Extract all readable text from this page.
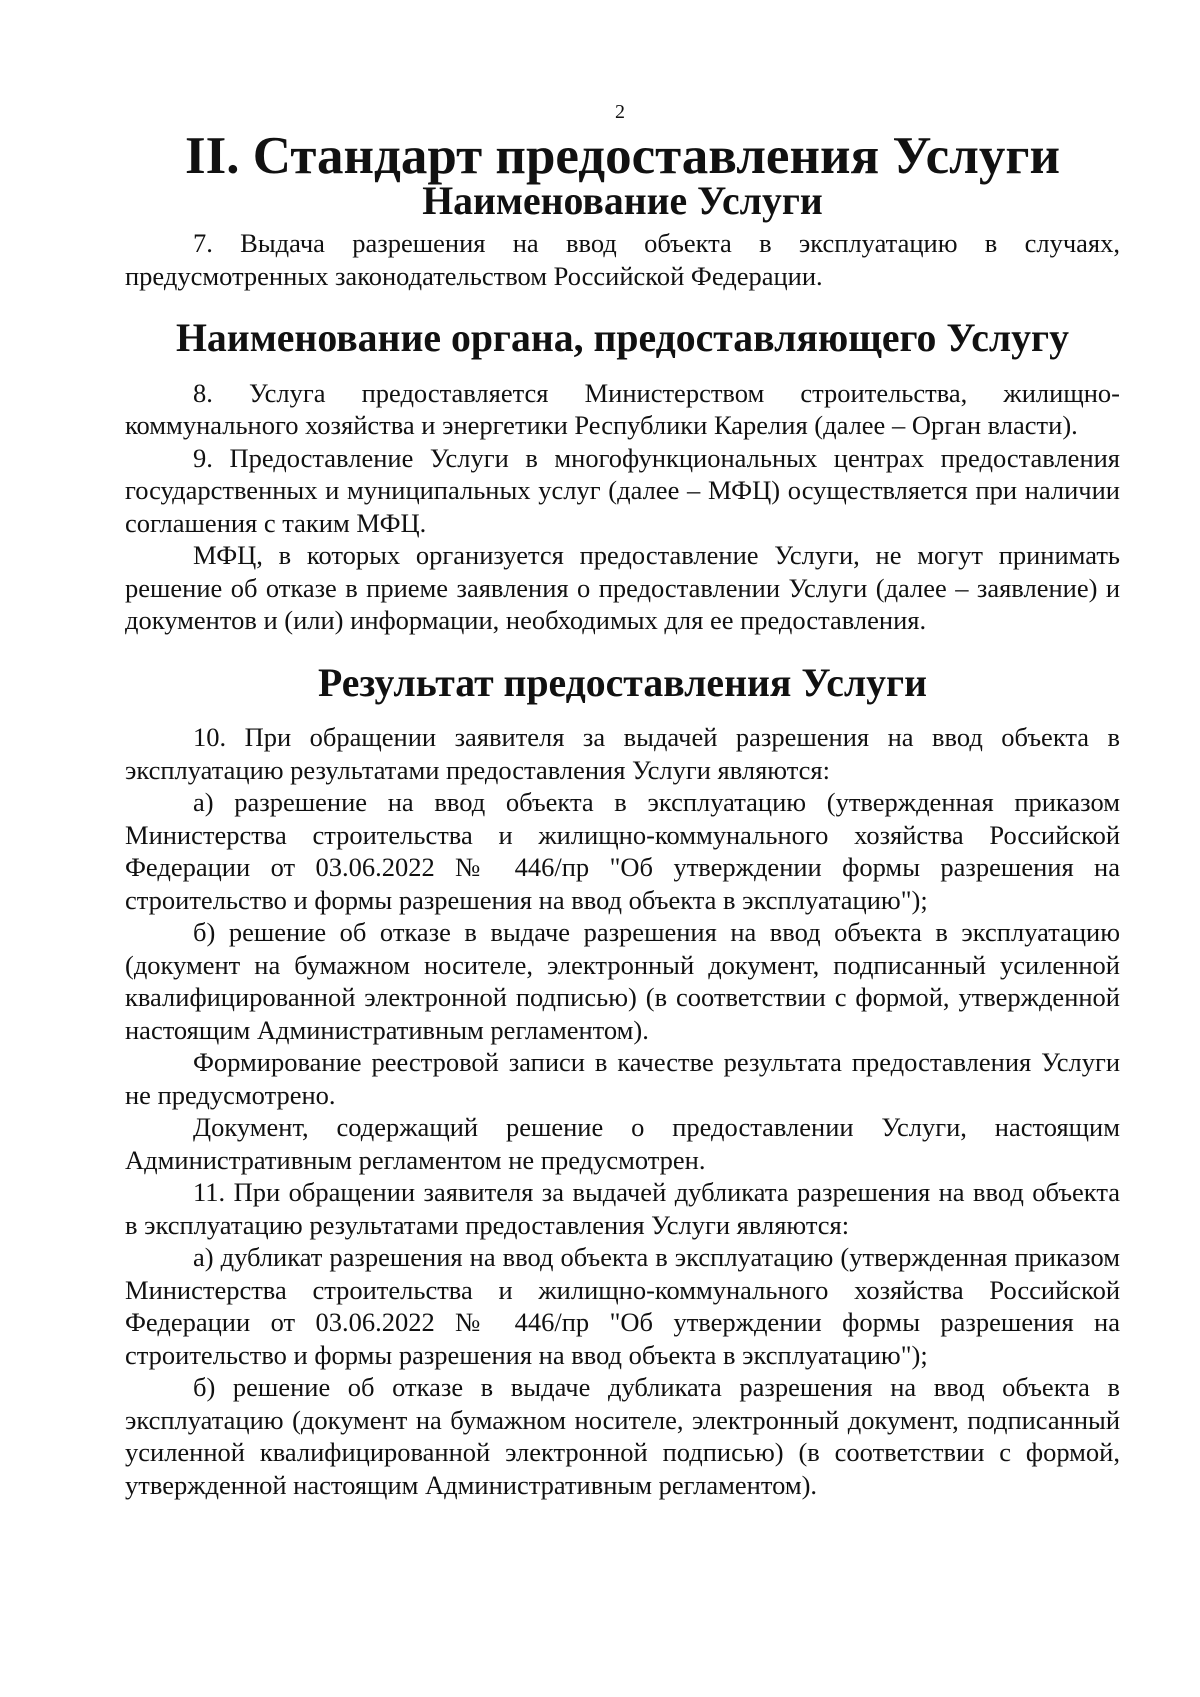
2
II. Стандарт предоставления Услуги
Наименование Услуги

7. Выдача разрешения на ввод объекта в эксплуатацию в случаях, предусмотренных законодательством Российской Федерации.

Наименование органа, предоставляющего Услугу

8. Услуга предоставляется Министерством строительства, жилищно-коммунального хозяйства и энергетики Республики Карелия (далее – Орган власти).

9. Предоставление Услуги в многофункциональных центрах предоставления государственных и муниципальных услуг (далее – МФЦ) осуществляется при наличии соглашения с таким МФЦ.

МФЦ, в которых организуется предоставление Услуги, не могут принимать решение об отказе в приеме заявления о предоставлении Услуги (далее – заявление) и документов и (или) информации, необходимых для ее предоставления.

Результат предоставления Услуги

10. При обращении заявителя за выдачей разрешения на ввод объекта в эксплуатацию результатами предоставления Услуги являются:

а) разрешение на ввод объекта в эксплуатацию (утвержденная приказом Министерства строительства и жилищно-коммунального хозяйства Российской Федерации от 03.06.2022 № 446/пр "Об утверждении формы разрешения на строительство и формы разрешения на ввод объекта в эксплуатацию");

б) решение об отказе в выдаче разрешения на ввод объекта в эксплуатацию (документ на бумажном носителе, электронный документ, подписанный усиленной квалифицированной электронной подписью) (в соответствии с формой, утвержденной настоящим Административным регламентом).

Формирование реестровой записи в качестве результата предоставления Услуги не предусмотрено.

Документ, содержащий решение о предоставлении Услуги, настоящим Административным регламентом не предусмотрен.

11. При обращении заявителя за выдачей дубликата разрешения на ввод объекта в эксплуатацию результатами предоставления Услуги являются:

а) дубликат разрешения на ввод объекта в эксплуатацию (утвержденная приказом Министерства строительства и жилищно-коммунального хозяйства Российской Федерации от 03.06.2022 № 446/пр "Об утверждении формы разрешения на строительство и формы разрешения на ввод объекта в эксплуатацию");

б) решение об отказе в выдаче дубликата разрешения на ввод объекта в эксплуатацию (документ на бумажном носителе, электронный документ, подписанный усиленной квалифицированной электронной подписью) (в соответствии с формой, утвержденной настоящим Административным регламентом).
